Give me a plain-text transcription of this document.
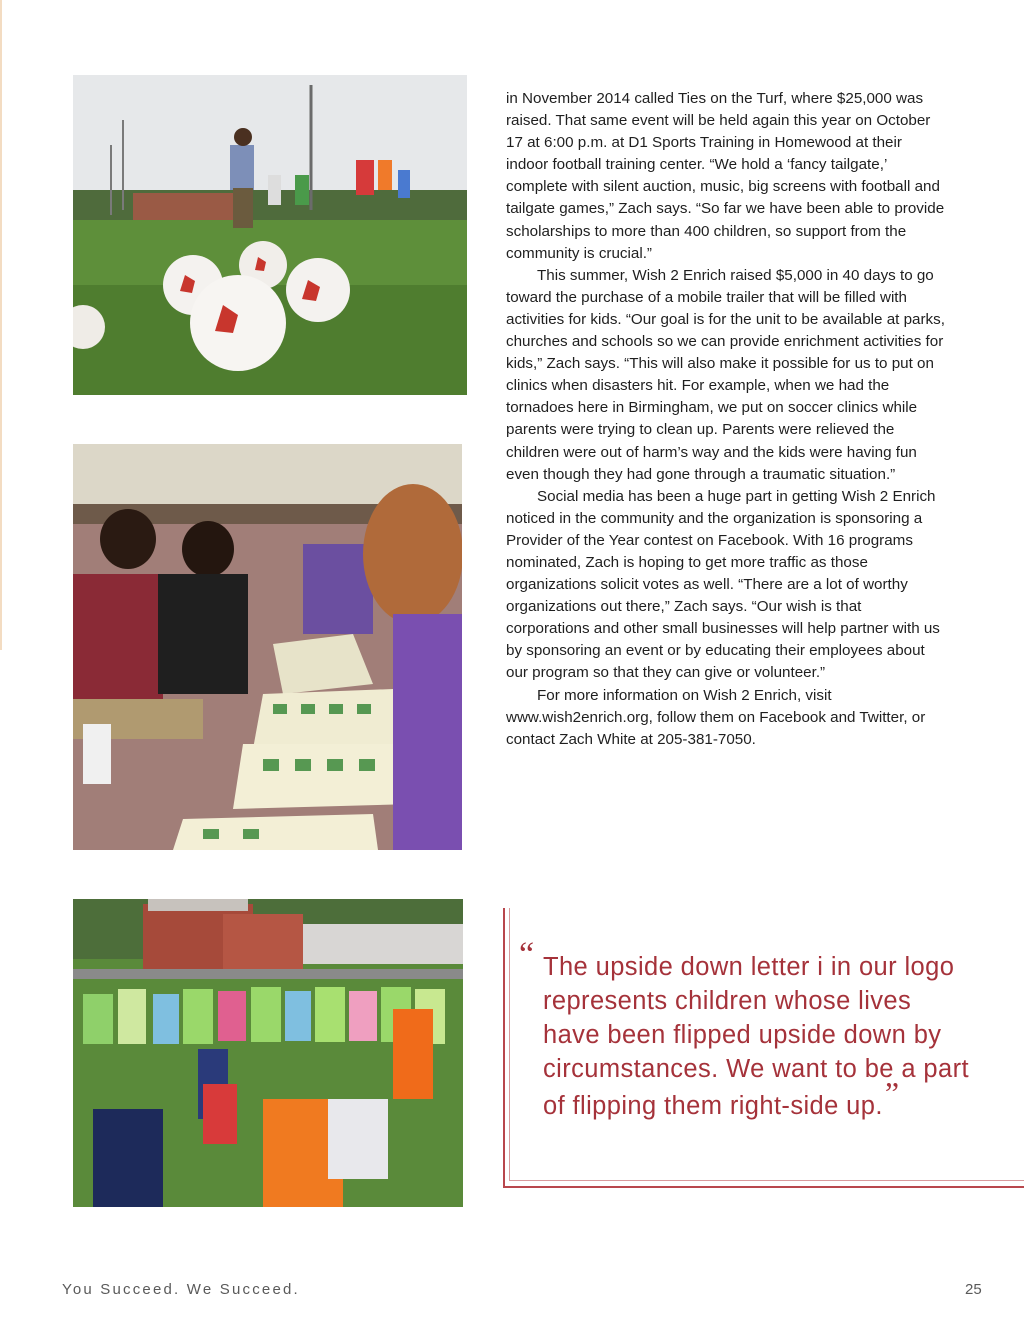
in November 2014 called Ties on the Turf, where $25,000 was raised. That same event will be held again this year on October 17 at 6:00 p.m. at D1 Sports Training in Homewood at their indoor football training center. “We hold a ‘fancy tailgate,’ complete with silent auction, music, big screens with football and tailgate games,” Zach says. “So far we have been able to provide scholarships to more than 400 children, so support from the community is crucial.”

This summer, Wish 2 Enrich raised $5,000 in 40 days to go toward the purchase of a mobile trailer that will be filled with activities for kids. “Our goal is for the unit to be available at parks, churches and schools so we can provide enrichment activities for kids,” Zach says. “This will also make it possible for us to put on clinics when disasters hit. For example, when we had the tornadoes here in Birmingham, we put on soccer clinics while parents were trying to clean up. Parents were relieved the children were out of harm’s way and the kids were having fun even though they had gone through a traumatic situation.”

Social media has been a huge part in getting Wish 2 Enrich noticed in the community and the organization is sponsoring a Provider of the Year contest on Facebook. With 16 programs nominated, Zach is hoping to get more traffic as those organizations solicit votes as well. “There are a lot of worthy organizations out there,” Zach says. “Our wish is that corporations and other small businesses will help partner with us by sponsoring an event or by educating their employees about our program so that they can give or volunteer.”

For more information on Wish 2 Enrich, visit www.wish2enrich.org, follow them on Facebook and Twitter, or contact Zach White at 205-381-7050.

“ The upside down letter i in our logo represents children whose lives have been flipped upside down by circumstances. We want to be a part of flipping them right-side up.”
You Succeed. We Succeed.	25
